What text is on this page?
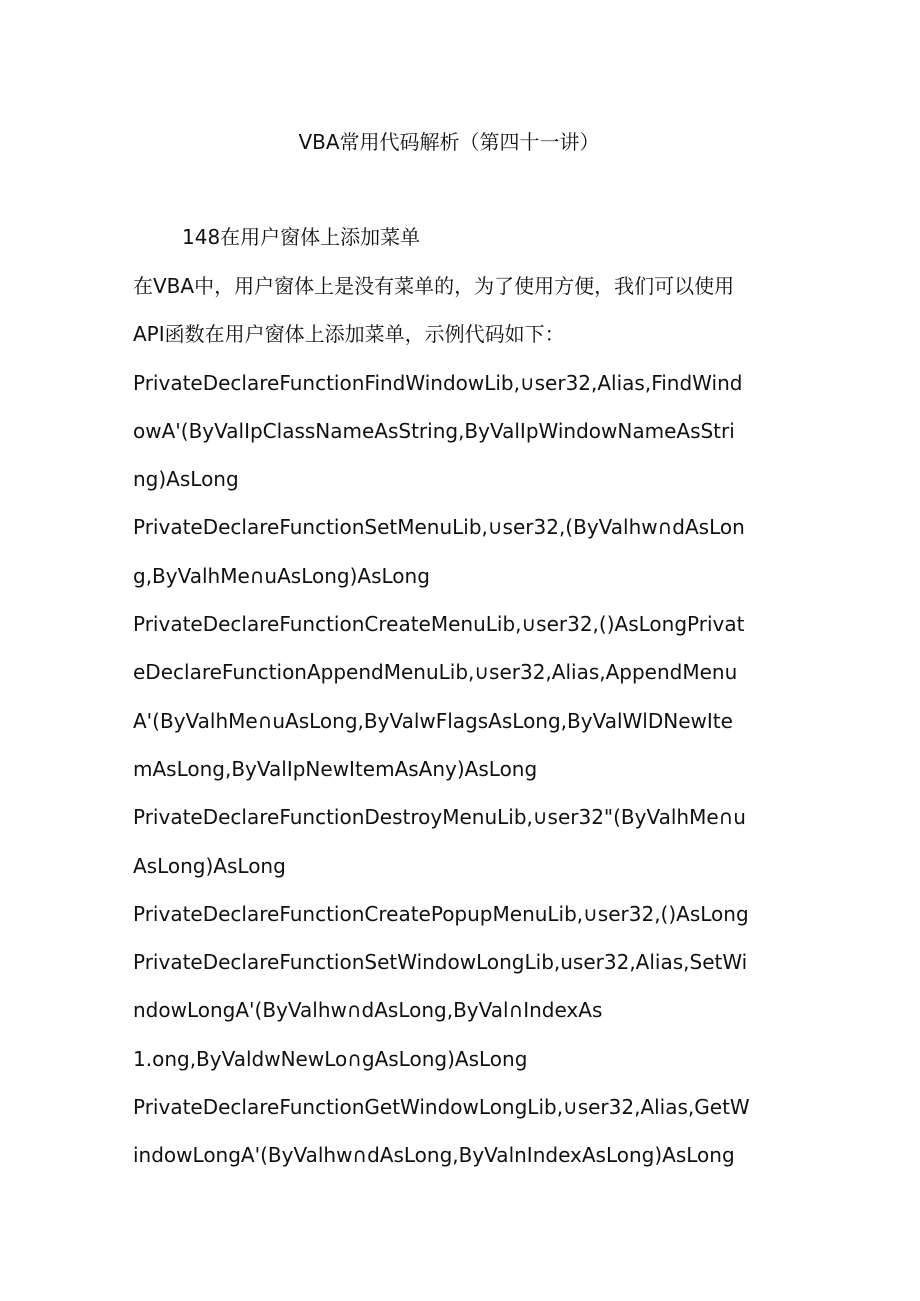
VBA常用代码解析（第四十一讲）
148在用户窗体上添加菜单
在VBA中，用户窗体上是没有菜单的，为了使用方便，我们可以使用
API函数在用户窗体上添加菜单，示例代码如下：
PrivateDeclareFunctionFindWindowLib,∪ser32,Alias,FindWind
owA'(ByValIpClassNameAsString,ByValIpWindowNameAsStri
ng)AsLong
PrivateDeclareFunctionSetMenuLib,∪ser32,(ByValhw∩dAsLon
g,ByValhMe∩uAsLong)AsLong
PrivateDeclareFunctionCreateMenuLib,∪ser32,()AsLongPrivat
eDeclareFunctionAppendMenuLib,∪ser32,Alias,AppendMenu
A'(ByValhMe∩uAsLong,ByValwFlagsAsLong,ByValWlDNewIte
mAsLong,ByValIpNewItemAsAny)AsLong
PrivateDeclareFunctionDestroyMenuLib,∪ser32"(ByValhMe∩u
AsLong)AsLong
PrivateDeclareFunctionCreatePopupMenuLib,∪ser32,()AsLong
PrivateDeclareFunctionSetWindowLongLib,user32,Alias,SetWi
ndowLongA'(ByValhw∩dAsLong,ByVal∩IndexAs
1.ong,ByValdwNewLo∩gAsLong)AsLong
PrivateDeclareFunctionGetWindowLongLib,∪ser32,Alias,GetW
indowLongA'(ByValhw∩dAsLong,ByValnIndexAsLong)AsLong
